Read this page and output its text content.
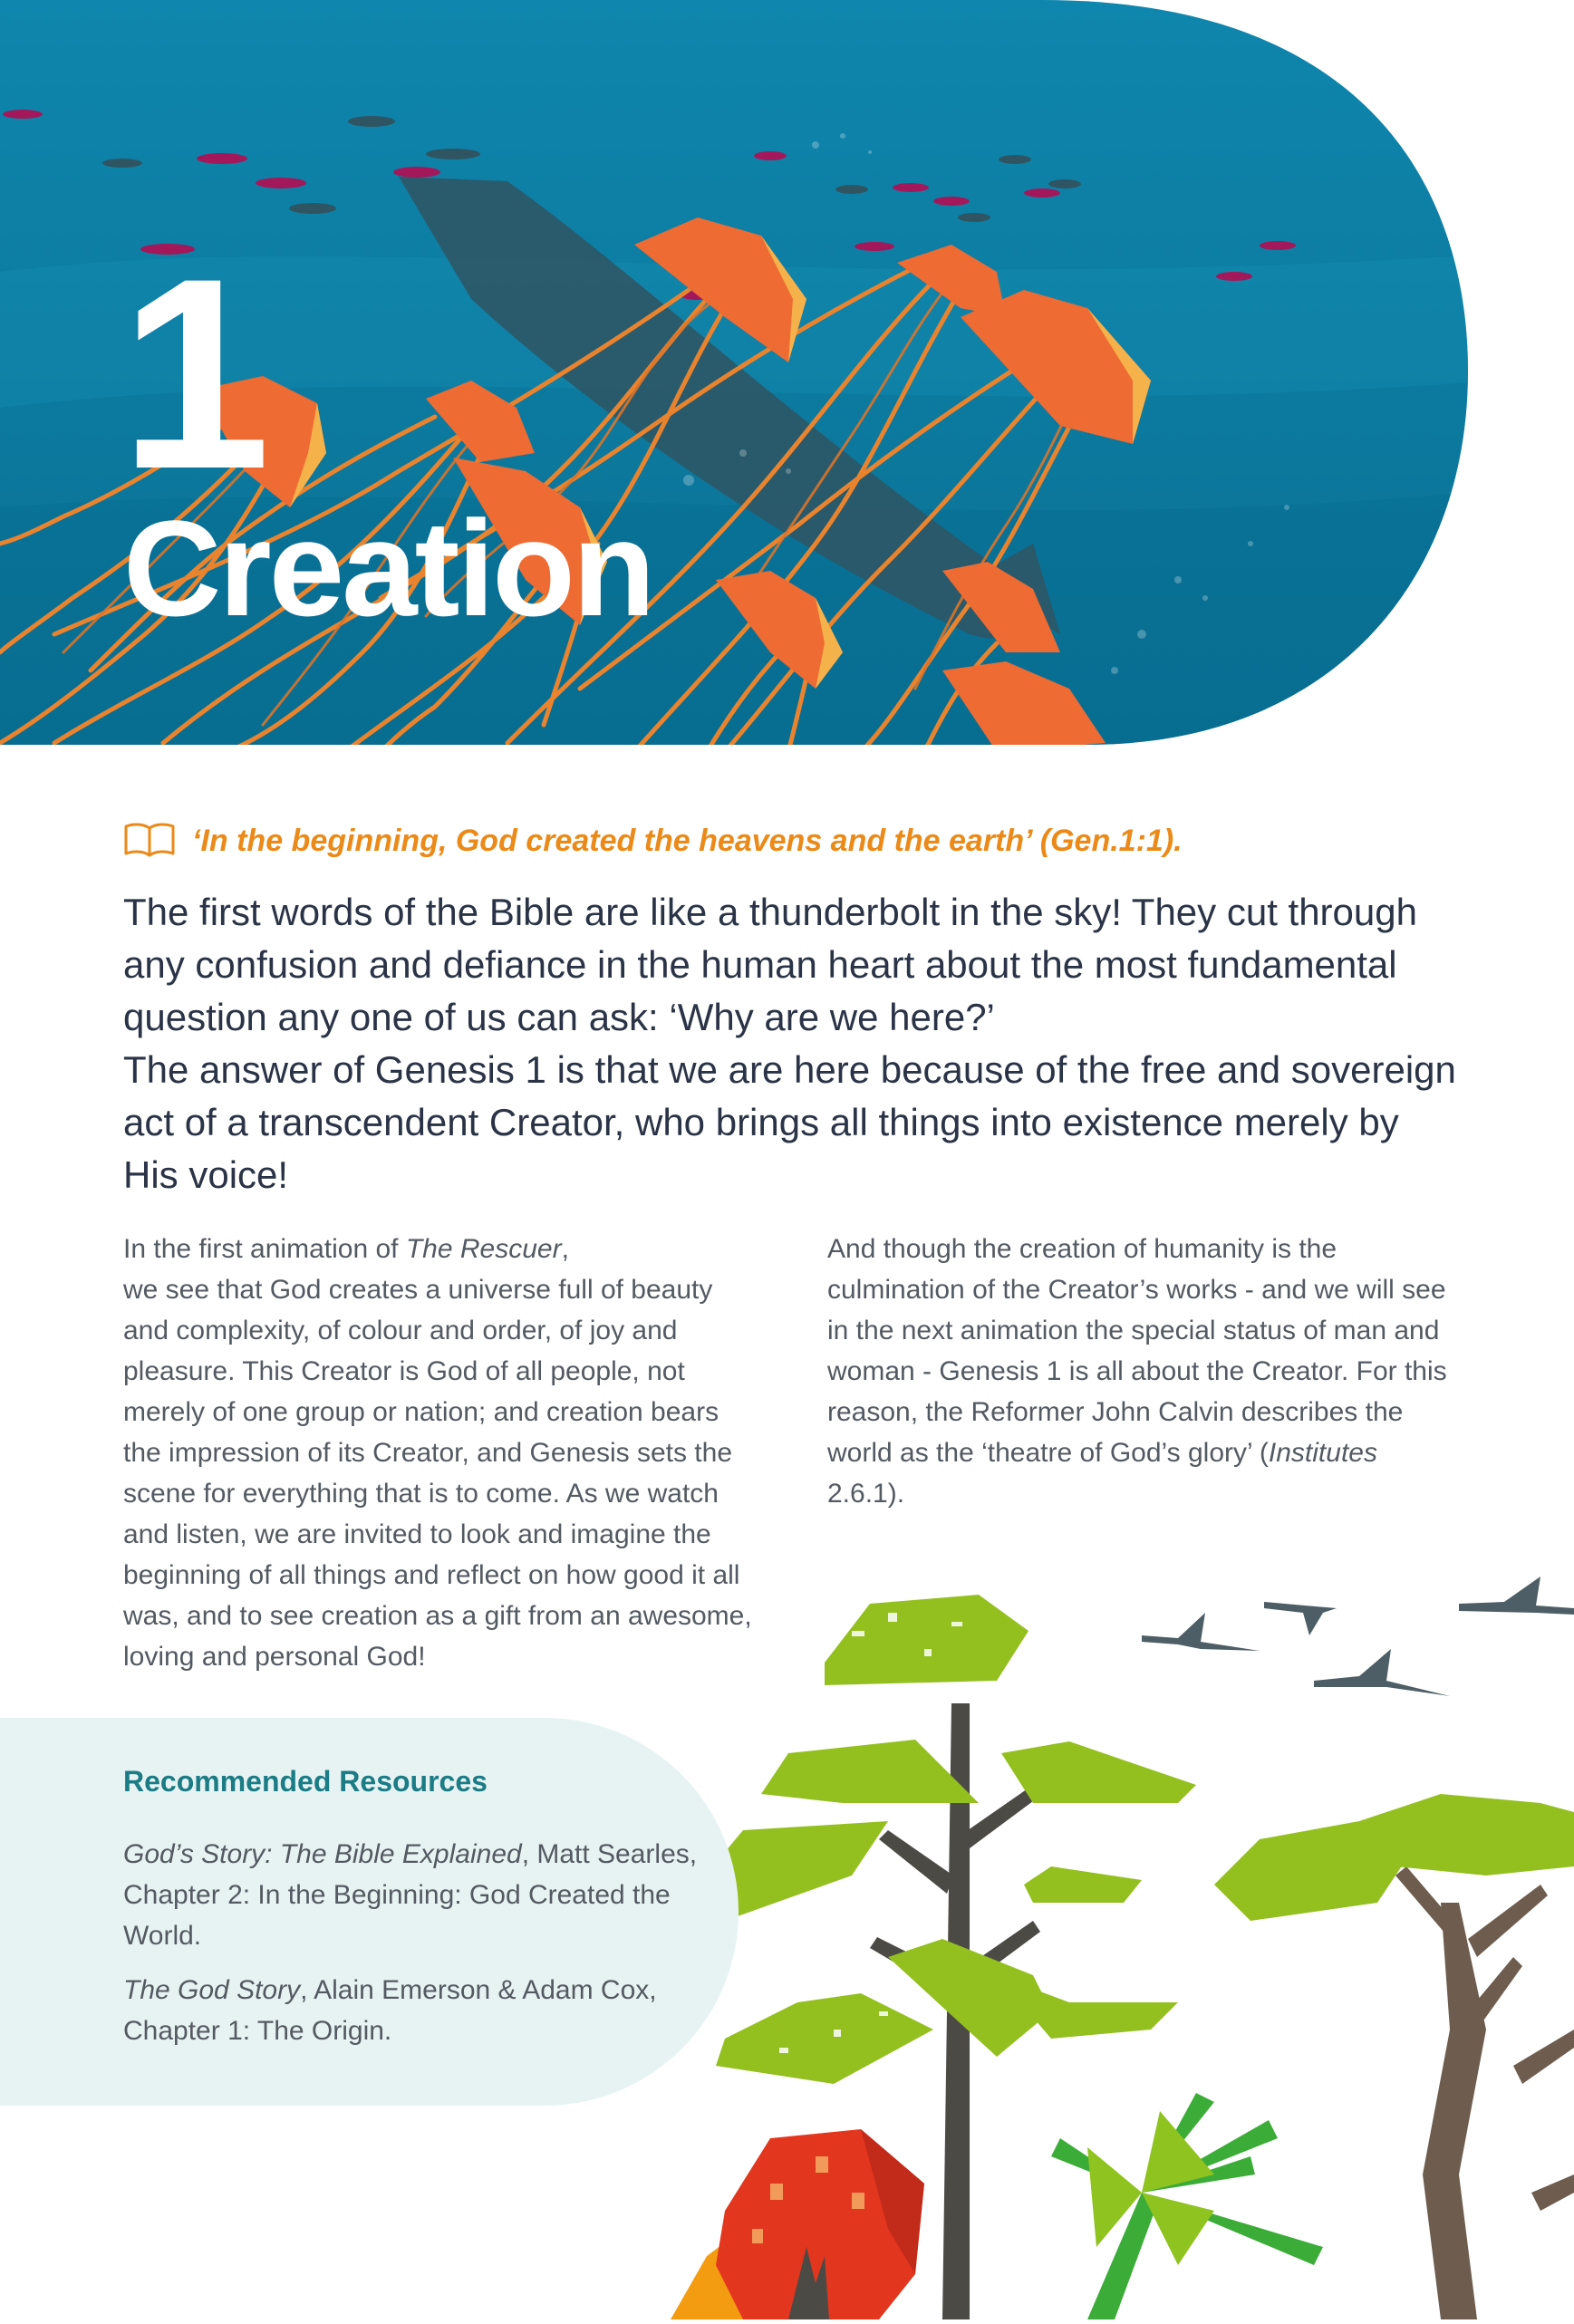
1
Creation
‘In the beginning, God created the heavens and the earth’ (Gen.1:1).

The first words of the Bible are like a thunderbolt in the sky! They cut through any confusion and defiance in the human heart about the most fundamental question any one of us can ask: ‘Why are we here?’

The answer of Genesis 1 is that we are here because of the free and sovereign act of a transcendent Creator, who brings all things into existence merely by His voice!

In the first animation of The Rescuer,
we see that God creates a universe full of beauty and complexity, of colour and order, of joy and pleasure. This Creator is God of all people, not merely of one group or nation; and creation bears the impression of its Creator, and Genesis sets the scene for everything that is to come. As we watch and listen, we are invited to look and imagine the beginning of all things and reflect on how good it all was, and to see creation as a gift from an awesome, loving and personal God!

And though the creation of humanity is the culmination of the Creator’s works - and we will see in the next animation the special status of man and woman - Genesis 1 is all about the Creator. For this reason, the Reformer John Calvin describes the world as the ‘theatre of God’s glory’ (Institutes 2.6.1).

Recommended Resources
God’s Story: The Bible Explained, Matt Searles, Chapter 2: In the Beginning: God Created the World.
The God Story, Alain Emerson & Adam Cox, Chapter 1: The Origin.
